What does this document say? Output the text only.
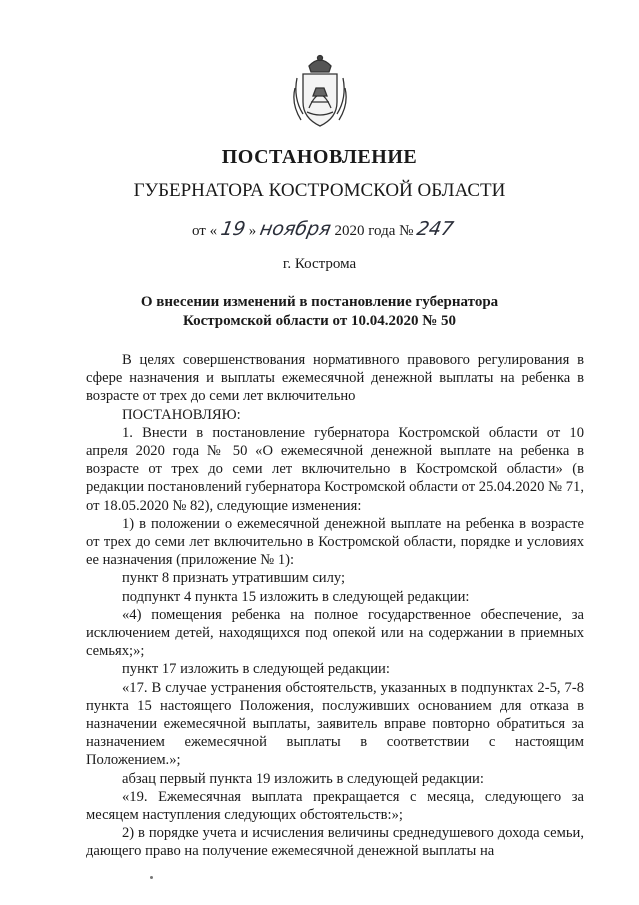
ПОСТАНОВЛЕНИЕ
ГУБЕРНАТОРА КОСТРОМСКОЙ ОБЛАСТИ
от « 19 » ноября 2020 года № 247
г. Кострома
О внесении изменений в постановление губернатора
Костромской области от 10.04.2020 № 50

В целях совершенствования нормативного правового регулирования в сфере назначения и выплаты ежемесячной денежной выплаты на ребенка в возрасте от трех до семи лет включительно

ПОСТАНОВЛЯЮ:

1. Внести в постановление губернатора Костромской области от 10 апреля 2020 года № 50 «О ежемесячной денежной выплате на ребенка в возрасте от трех до семи лет включительно в Костромской области» (в редакции постановлений губернатора Костромской области от 25.04.2020 № 71, от 18.05.2020 № 82), следующие изменения:

1) в положении о ежемесячной денежной выплате на ребенка в возрасте от трех до семи лет включительно в Костромской области, порядке и условиях ее назначения (приложение № 1):

пункт 8 признать утратившим силу;

подпункт 4 пункта 15 изложить в следующей редакции:

«4) помещения ребенка на полное государственное обеспечение, за исключением детей, находящихся под опекой или на содержании в приемных семьях;»;

пункт 17 изложить в следующей редакции:

«17. В случае устранения обстоятельств, указанных в подпунктах 2-5, 7-8 пункта 15 настоящего Положения, послуживших основанием для отказа в назначении ежемесячной выплаты, заявитель вправе повторно обратиться за назначением ежемесячной выплаты в соответствии с настоящим Положением.»;

абзац первый пункта 19 изложить в следующей редакции:

«19. Ежемесячная выплата прекращается с месяца, следующего за месяцем наступления следующих обстоятельств:»;

2) в порядке учета и исчисления величины среднедушевого дохода семьи, дающего право на получение ежемесячной денежной выплаты на
